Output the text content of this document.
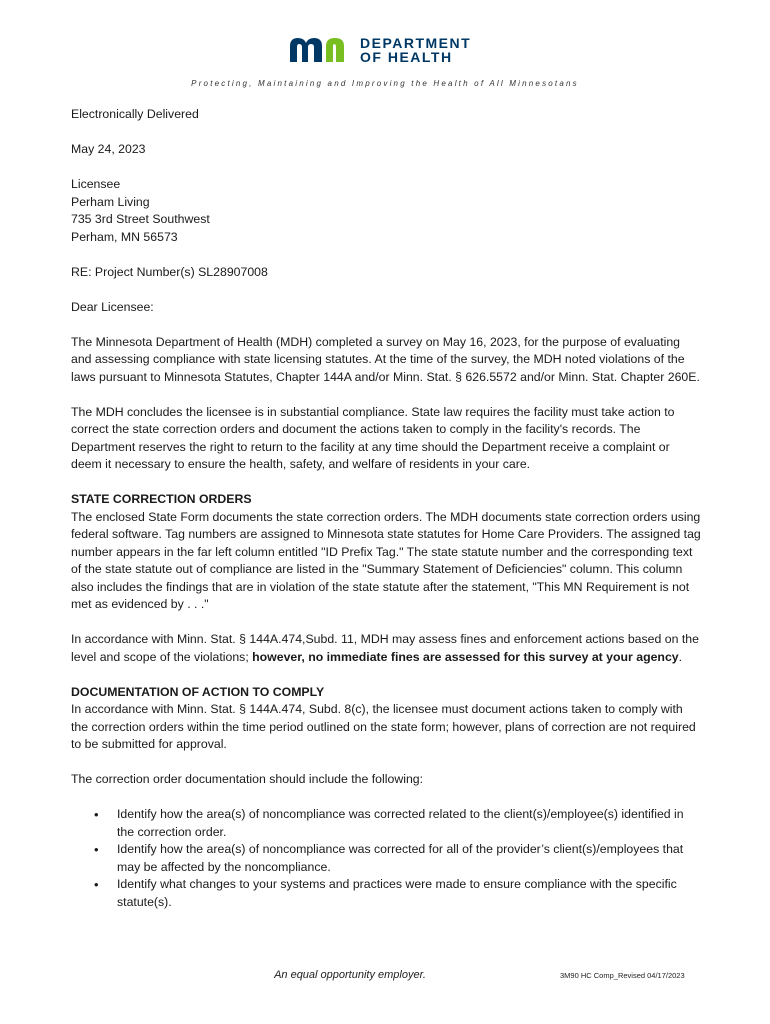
DEPARTMENT
OF HEALTH
Protecting, Maintaining and Improving the Health of All Minnesotans
Electronically Delivered
May 24, 2023
Licensee
Perham Living
735 3rd Street Southwest
Perham, MN 56573
RE: Project Number(s) SL28907008
Dear Licensee:
The Minnesota Department of Health (MDH) completed a survey on May 16, 2023, for the purpose of evaluating and assessing compliance with state licensing statutes. At the time of the survey, the MDH noted violations of the laws pursuant to Minnesota Statutes, Chapter 144A and/or Minn. Stat. § 626.5572 and/or Minn. Stat. Chapter 260E.
The MDH concludes the licensee is in substantial compliance. State law requires the facility must take action to correct the state correction orders and document the actions taken to comply in the facility's records. The Department reserves the right to return to the facility at any time should the Department receive a complaint or deem it necessary to ensure the health, safety, and welfare of residents in your care.
STATE CORRECTION ORDERS
The enclosed State Form documents the state correction orders. The MDH documents state correction orders using federal software. Tag numbers are assigned to Minnesota state statutes for Home Care Providers. The assigned tag number appears in the far left column entitled "ID Prefix Tag." The state statute number and the corresponding text of the state statute out of compliance are listed in the "Summary Statement of Deficiencies" column. This column also includes the findings that are in violation of the state statute after the statement, "This MN Requirement is not met as evidenced by . . ."
In accordance with Minn. Stat. § 144A.474,Subd. 11, MDH may assess fines and enforcement actions based on the level and scope of the violations; however, no immediate fines are assessed for this survey at your agency.
DOCUMENTATION OF ACTION TO COMPLY
In accordance with Minn. Stat. § 144A.474, Subd. 8(c), the licensee must document actions taken to comply with the correction orders within the time period outlined on the state form; however, plans of correction are not required to be submitted for approval.
The correction order documentation should include the following:
• Identify how the area(s) of noncompliance was corrected related to the client(s)/employee(s) identified in the correction order.
• Identify how the area(s) of noncompliance was corrected for all of the provider’s client(s)/employees that may be affected by the noncompliance.
• Identify what changes to your systems and practices were made to ensure compliance with the specific statute(s).
An equal opportunity employer.	3M90 HC Comp_Revised 04/17/2023
